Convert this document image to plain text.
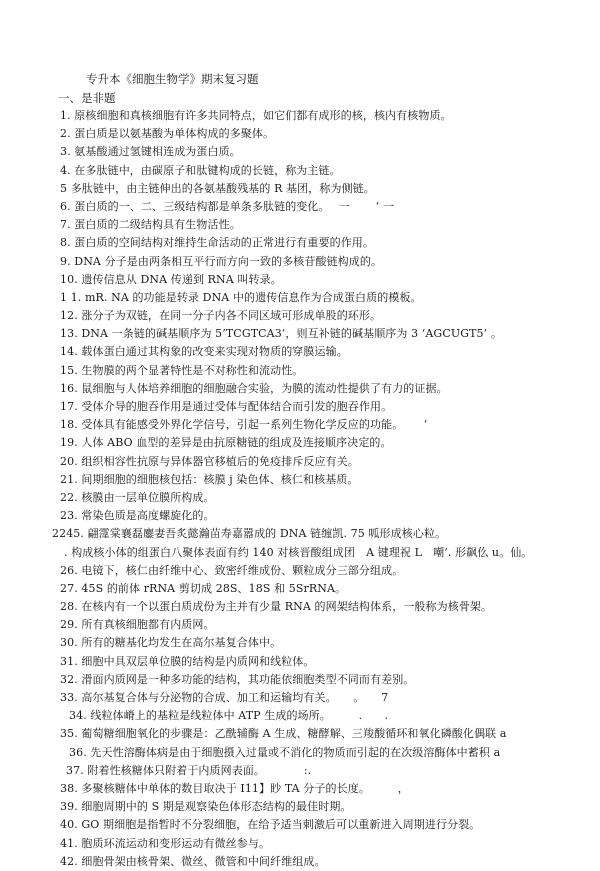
专升本《细胞生物学》期末复习题
一、是非题
1. 原核细胞和真核细胞有许多共同特点，如它们都有成形的核，核内有核物质。
2. 蛋白质是以氨基酸为单体构成的多聚体。
3. 氨基酸通过氢键相连成为蛋白质。
4. 在多肽链中，由碳原子和肽键构成的长链，称为主链。
5 多肽链中，由主链伸出的各氨基酸残基的 R 基团，称为侧链。
6. 蛋白质的一、二、三级结构都是单条多肽链的变化。　 一　　 ‘ 一
7. 蛋白质的二级结构具有生物活性。
8. 蛋白质的空间结构对维持生命活动的正常进行有重要的作用。
9. DNA 分子是由两条相互平行而方向一致的多核苷酸链构成的。
10. 遗传信息从 DNA 传递到 RNA 叫转录。
1 1. mR. NA 的功能是转录 DNA 中的遗传信息作为合成蛋白质的模板。
12. 涨分子为双链，在同一分子内各不同区域可形成单股的环形。
13. DNA 一条链的碱基顺序为 5’TCGTCA3’，则互补链的碱基顺序为 3 ‘AGCUGT5’ 。
14. 载体蛋白通过其构象的改变来实现对物质的穿膜运输。
15. 生物膜的两个显著特性是不对称性和流动性。
16. 鼠细胞与人体培养细胞的细胞融合实验，为膜的流动性提供了有力的证据。
17. 受体介导的胞吞作用是通过受体与配体结合而引发的胞吞作用。
18. 受体具有能感受外界化学信号，引起一系列生物化学反应的功能。　　 ‘
19. 人体 ABO 血型的差异是由抗原糖链的组成及连接顺序决定的。
20. 组织相容性抗原与异体器官移植后的免疫排斥反应有关。
21. 间期细胞的细胞核包括：核膜 j 染色体、核仁和核基质。
22. 核膜由一层单位膜所构成。
23. 常染色质是高度螺旋化的。
2245. 翩霪棠襄磊鏖妻吾炙懿瀚苗寿嘉嚣成的 DNA 链缠凯. 75 呱形成核心粒。
. 构成核小体的组蛋白八聚体表面有约 140 对核晋酸组成团　A 键理祝 L　嘲’. 形飙仫 u。仙。
26. 电镜下，核仁由纤维中心、致密纤维成份、颗粒成分三部分组成。
27. 45S 的前体 rRNA 剪切成 28S、18S 和 5SrRNA。
28. 在核内有一个以蛋白质成份为主并有少量 RNA 的网架结构体系，一般称为核骨架。
29. 所有真核细胞都有内质网。
30. 所有的糖基化均发生在高尔基复合体中。
31. 细胞中具双层单位膜的结构是内质网和线粒体。
32. 滑面内质网是一种多功能的结构，其功能依细胞类型不同而有差别。
33. 高尔基复合体与分泌物的合成、加工和运输均有关。　　。　　7
34. 线粒体嵴上的基粒是线粒体中 ATP 生成的场所。　　　.　　.
35. 葡萄糖细胞氧化的步骤是：乙酰辅酶 A 生成、糖酵解、三羧酸循环和氧化磷酸化偶联 a
36. 先天性溶酶体病是由于细胞摄入过量或不消化的物质而引起的在次级溶酶体中蓄积 a
37. 附着性核糖体只附着于内质网表面。　　　　:.
38. 多聚核糖体中单体的数目取决于 I11】眇 TA 分子的长度。　　　，
39. 细胞周期中的 S 期是观察染色体形态结构的最佳时期。
40. GO 期细胞是指暂时不分裂细胞，在给予适当刺激后可以重新进入周期进行分裂。
41. 胞质环流运动和变形运动有微丝参与。
42. 细胞骨架由核骨架、微丝、微管和中间纤维组成。
